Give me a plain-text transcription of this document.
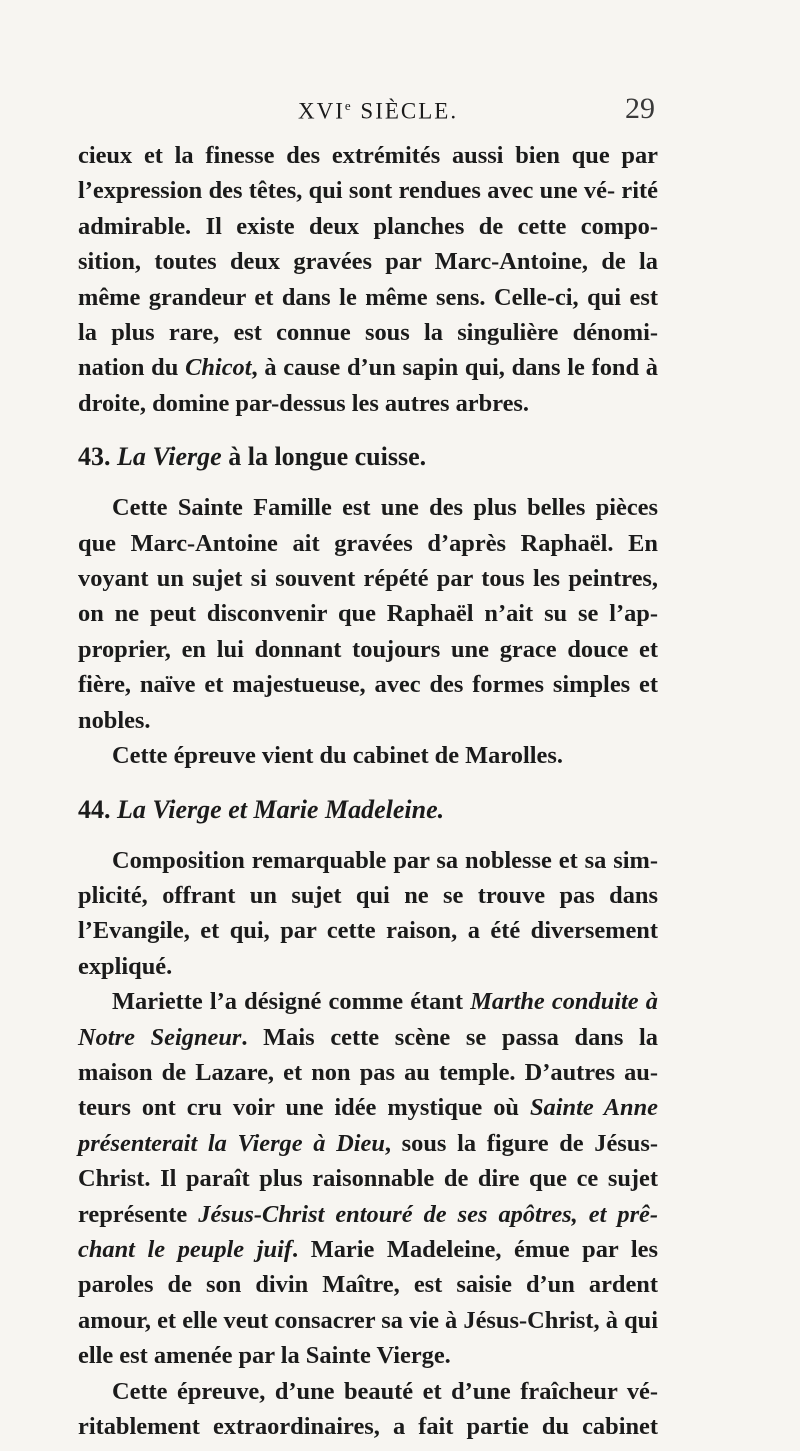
XVIe SIÈCLE.	29

cieux et la finesse des extrémités aussi bien que par l’expression des têtes, qui sont rendues avec une vé- rité admirable. Il existe deux planches de cette compo- sition, toutes deux gravées par Marc-Antoine, de la même grandeur et dans le même sens. Celle-ci, qui est la plus rare, est connue sous la singulière dénomi- nation du Chicot, à cause d’un sapin qui, dans le fond à droite, domine par-dessus les autres arbres.

43. La Vierge à la longue cuisse.

Cette Sainte Famille est une des plus belles pièces que Marc-Antoine ait gravées d’après Raphaël. En voyant un sujet si souvent répété par tous les peintres, on ne peut disconvenir que Raphaël n’ait su se l’ap- proprier, en lui donnant toujours une grace douce et fière, naïve et majestueuse, avec des formes simples et nobles.

Cette épreuve vient du cabinet de Marolles.

44. La Vierge et Marie Madeleine.

Composition remarquable par sa noblesse et sa sim- plicité, offrant un sujet qui ne se trouve pas dans l’Evangile, et qui, par cette raison, a été diversement expliqué.

Mariette l’a désigné comme étant Marthe conduite à Notre Seigneur. Mais cette scène se passa dans la maison de Lazare, et non pas au temple. D’autres au- teurs ont cru voir une idée mystique où Sainte Anne présenterait la Vierge à Dieu, sous la figure de Jésus- Christ. Il paraît plus raisonnable de dire que ce sujet représente Jésus-Christ entouré de ses apôtres, et prê- chant le peuple juif. Marie Madeleine, émue par les paroles de son divin Maître, est saisie d’un ardent amour, et elle veut consacrer sa vie à Jésus-Christ, à qui elle est amenée par la Sainte Vierge.

Cette épreuve, d’une beauté et d’une fraîcheur vé- ritablement extraordinaires, a fait partie du cabinet
